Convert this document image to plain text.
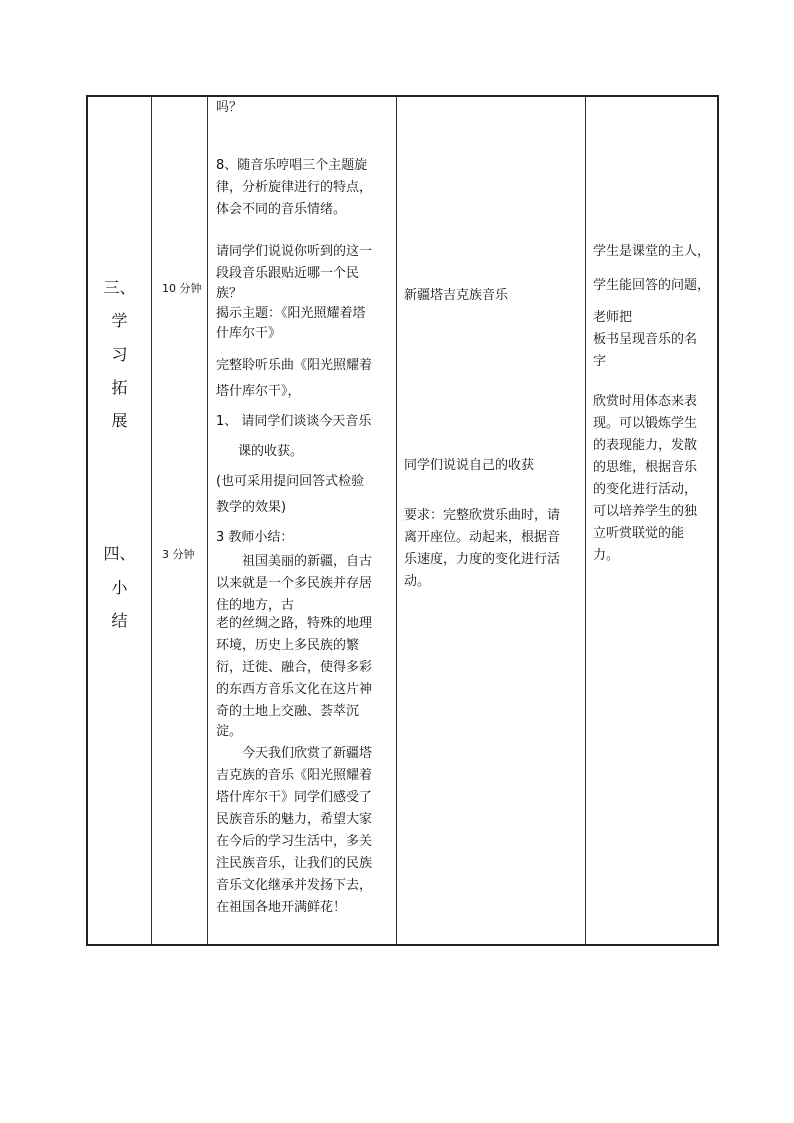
三、
学
习
拓
展
四、
小
结
10 分钟
3 分钟
吗？
8、随音乐哼唱三个主题旋
律，分析旋律进行的特点，
体会不同的音乐情绪。
请同学们说说你听到的这一
段段音乐跟贴近哪一个民
族？
揭示主题：《阳光照耀着塔
什库尔干》
完整聆听乐曲《阳光照耀着
塔什库尔干》，
1、 请同学们谈谈今天音乐
课的收获。
(也可采用提问回答式检验
教学的效果)
3 教师小结：
祖国美丽的新疆，自古
以来就是一个多民族并存居
住的地方，古
老的丝绸之路，特殊的地理
环境，历史上多民族的繁
衍，迁徙、融合，使得多彩
的东西方音乐文化在这片神
奇的土地上交融、荟萃沉
淀。
今天我们欣赏了新疆塔
吉克族的音乐《阳光照耀着
塔什库尔干》同学们感受了
民族音乐的魅力，希望大家
在今后的学习生活中，多关
注民族音乐，让我们的民族
音乐文化继承并发扬下去，
在祖国各地开满鲜花！
新疆塔吉克族音乐
同学们说说自己的收获
要求：完整欣赏乐曲时，请
离开座位。动起来，根据音
乐速度，力度的变化进行活
动。
学生是课堂的主人，
学生能回答的问题，
老师把
板书呈现音乐的名
字
欣赏时用体态来表
现。可以锻炼学生
的表现能力，发散
的思维，根据音乐
的变化进行活动，
可以培养学生的独
立听赏联觉的能
力。
